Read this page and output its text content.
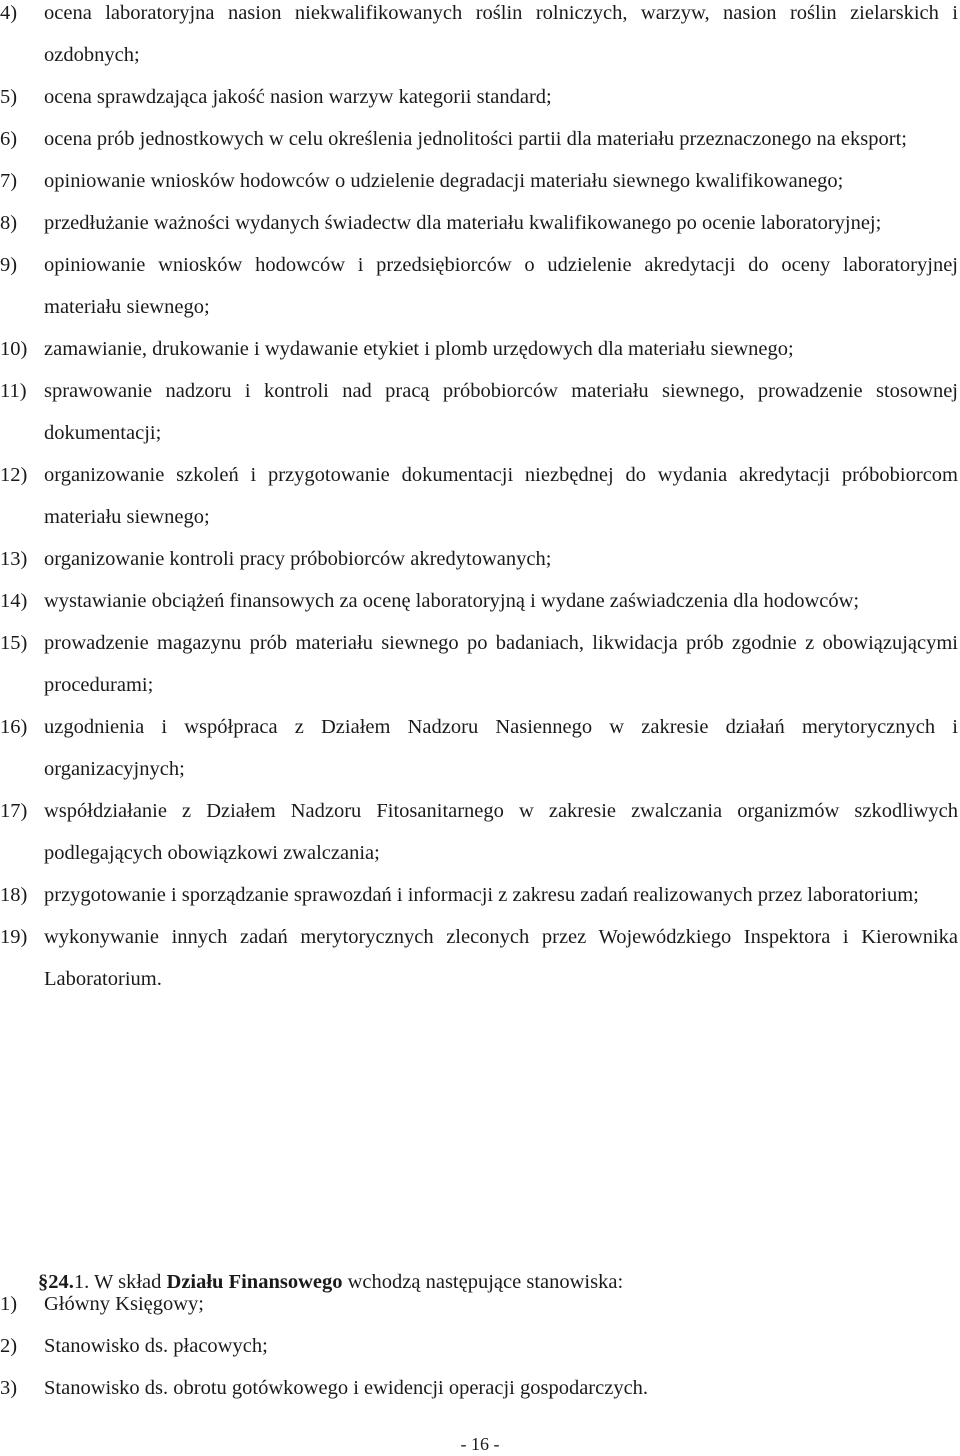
4)	ocena laboratoryjna nasion niekwalifikowanych roślin rolniczych, warzyw, nasion roślin zielarskich i ozdobnych;
5)	ocena sprawdzająca jakość nasion warzyw kategorii standard;
6)	ocena prób jednostkowych w celu określenia jednolitości partii dla materiału przeznaczonego na eksport;
7)	opiniowanie wniosków hodowców o udzielenie degradacji materiału siewnego kwalifikowanego;
8)	przedłużanie ważności wydanych świadectw dla materiału kwalifikowanego po ocenie laboratoryjnej;
9)	opiniowanie wniosków hodowców i przedsiębiorców o udzielenie akredytacji do oceny laboratoryjnej materiału siewnego;
10) zamawianie, drukowanie i wydawanie etykiet i plomb urzędowych dla materiału siewnego;
11) sprawowanie nadzoru i kontroli nad pracą próbobiorców materiału siewnego, prowadzenie stosownej dokumentacji;
12) organizowanie szkoleń i przygotowanie dokumentacji niezbędnej do wydania akredytacji próbobiorcom materiału siewnego;
13) organizowanie kontroli pracy próbobiorców akredytowanych;
14) wystawianie obciążeń finansowych za ocenę laboratoryjną i wydane zaświadczenia dla hodowców;
15) prowadzenie magazynu prób materiału siewnego po badaniach, likwidacja prób zgodnie z obowiązującymi procedurami;
16) uzgodnienia i współpraca z Działem Nadzoru Nasiennego w zakresie działań merytorycznych i organizacyjnych;
17) współdziałanie z Działem Nadzoru Fitosanitarnego w zakresie zwalczania organizmów szkodliwych podlegających obowiązkowi zwalczania;
18) przygotowanie i sporządzanie sprawozdań i informacji z zakresu zadań realizowanych przez laboratorium;
19) wykonywanie innych zadań merytorycznych zleconych przez Wojewódzkiego Inspektora i Kierownika Laboratorium.

§24.1. W skład Działu Finansowego wchodzą następujące stanowiska:

1)	Główny Księgowy;
2)	Stanowisko ds. płacowych;
3)	Stanowisko ds. obrotu gotówkowego i ewidencji operacji gospodarczych.
- 16 -
